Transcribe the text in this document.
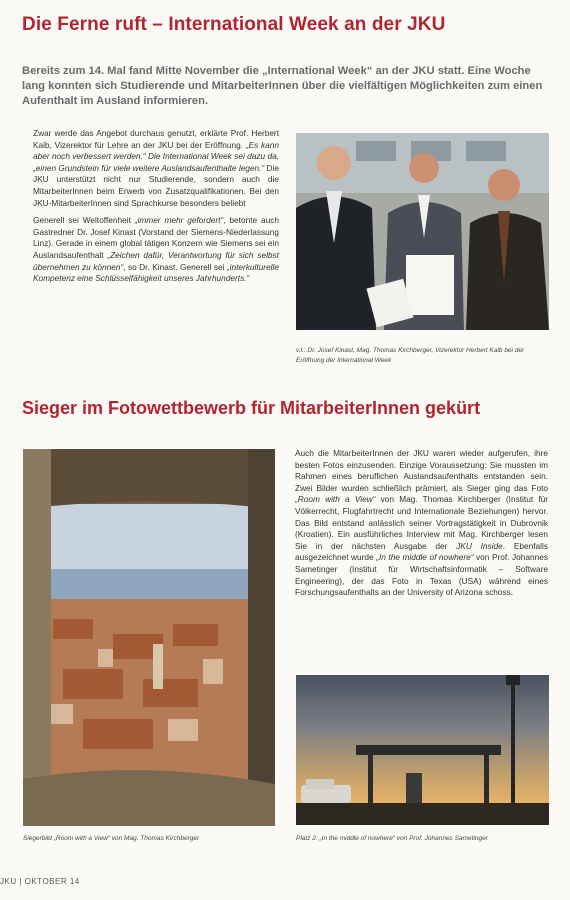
Die Ferne ruft – International Week an der JKU

Bereits zum 14. Mal fand Mitte November die „International Week“ an der JKU statt. Eine Woche lang konnten sich Studierende und MitarbeiterInnen über die vielfältigen Möglichkeiten zum einen Aufenthalt im Ausland informieren.

Zwar werde das Angebot durchaus genutzt, erklärte Prof. Herbert Kalb, Vizerektor für Lehre an der JKU bei der Eröffnung. „Es kann aber noch verbessert werden.“ Die International Week sei dazu da, „einen Grundstein für viele weitere Auslandsaufenthalte legen.“ Die JKU unterstützt nicht nur Studierende, sondern auch die MitarbeiterInnen beim Erwerb von Zusatzqualifikationen. Bei den JKU-MitarbeiterInnen sind Sprachkurse besonders beliebt

Generell sei Weltoffenheit „immer mehr gefordert“, betonte auch Gastredner Dr. Josef Kinast (Vorstand der Siemens-Niederlassung Linz). Gerade in einem global tätigen Konzern wie Siemens sei ein Auslandsaufenthalt „Zeichen dafür, Verantwortung für sich selbst übernehmen zu können“, so Dr. Kinast. Generell sei „interkulturelle Kompetenz eine Schlüsselfähigkeit unseres Jahrhunderts.“

v.l.: Dr. Josef Kinast, Mag. Thomas Kirchberger, Vizerektor Herbert Kalb bei der Eröffnung der International Week
Sieger im Fotowettbewerb für MitarbeiterInnen gekürt

Auch die MitarbeiterInnen der JKU waren wieder aufgerufen, ihre besten Fotos einzusenden. Einzige Voraussetzung: Sie mussten im Rahmen eines beruflichen Auslandsaufenthalts entstanden sein. Zwei Bilder wurden schließlich prämiert, als Sieger ging das Foto „Room with a View“ von Mag. Thomas Kirchberger (Institut für Völkerrecht, Flugfahrtrecht und Internationale Beziehungen) hervor. Das Bild entstand anlässlich seiner Vortragstätigkeit in Dubrovnik (Kroatien). Ein ausführliches Interview mit Mag. Kirchberger lesen Sie in der nächsten Ausgabe der JKU Inside. Ebenfalls ausgezeichnet wurde „In the middle of nowhere“ von Prof. Johannes Sametinger (Institut für Wirtschaftsinformatik – Software Engineering), der das Foto in Texas (USA) während eines Forschungsaufenthalts an der University of Arizona schoss.

Siegerbild „Room with a View“ von Mag. Thomas Kirchberger	Platz 2: „In the middle of nowhere“ von Prof. Johannes Sametinger
JKU | OKTOBER 14
